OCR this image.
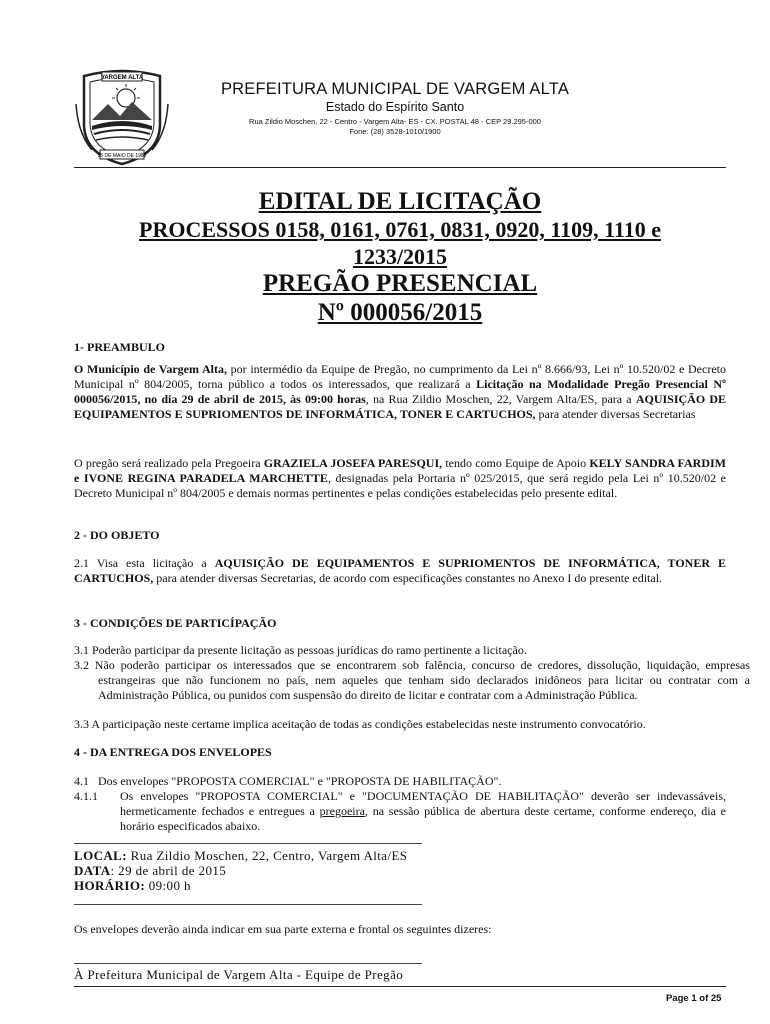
VARGEM ALTA
15 DE MAIO DE 1988
PREFEITURA MUNICIPAL DE VARGEM ALTA
Estado do Espírito Santo
Rua Zildio Moschen, 22 - Centro - Vargem Alta- ES - CX. POSTAL 48 - CEP 29.295-000
Fone: (28) 3528-1010/1900
EDITAL DE LICITAÇÃO
PROCESSOS 0158, 0161, 0761, 0831, 0920, 1109, 1110 e
1233/2015
PREGÃO PRESENCIAL
Nº 000056/2015
1- PREAMBULO
O Município de Vargem Alta, por intermédio da Equipe de Pregão, no cumprimento da Lei nº 8.666/93, Lei nº 10.520/02 e Decreto Municipal nº 804/2005, torna público a todos os interessados, que realizará a Licitação na Modalidade Pregão Presencial Nº 000056/2015, no dia 29 de abril de 2015, às 09:00 horas, na Rua Zildio Moschen, 22, Vargem Alta/ES, para a AQUISIÇÃO DE EQUIPAMENTOS E SUPRIOMENTOS DE INFORMÁTICA, TONER E CARTUCHOS, para atender diversas Secretarias
O pregão será realizado pela Pregoeira GRAZIELA JOSEFA PARESQUI, tendo como Equipe de Apoio KELY SANDRA FARDIM e IVONE REGINA PARADELA MARCHETTE, designadas pela Portaria nº 025/2015, que será regido pela Lei nº 10.520/02 e Decreto Municipal nº 804/2005 e demais normas pertinentes e pelas condições estabelecidas pelo presente edital.
2 - DO OBJETO
2.1 Visa esta licitação a AQUISIÇÃO DE EQUIPAMENTOS E SUPRIOMENTOS DE INFORMÁTICA, TONER E CARTUCHOS, para atender diversas Secretarias, de acordo com especificações constantes no Anexo I do presente edital.
3 - CONDIÇÕES DE PARTICÍPAÇÃO
3.1 Poderão participar da presente licitação as pessoas jurídicas do ramo pertinente a licitação.
3.2 Não poderão participar os interessados que se encontrarem sob falência, concurso de credores, dissolução, liquidação, empresas estrangeiras que não funcionem no país, nem aqueles que tenham sido declarados inidôneos para licitar ou contratar com a Administração Pública, ou punidos com suspensão do direito de licitar e contratar com a Administração Pública.
3.3 A participação neste certame implica aceitação de todas as condições estabelecidas neste instrumento convocatório.
4 - DA ENTREGA DOS ENVELOPES
4.1   Dos envelopes "PROPOSTA COMERCIAL" e "PROPOSTA DE HABILITAÇÃO".
4.1.1	Os envelopes "PROPOSTA COMERCIAL" e "DOCUMENTAÇÃO DE HABILITAÇÃO" deverão ser indevassáveis, hermeticamente fechados e entregues a pregoeira, na sessão pública de abertura deste certame, conforme endereço, dia e horário especificados abaixo.
LOCAL: Rua Zildio Moschen, 22, Centro, Vargem Alta/ES
DATA: 29 de abril de 2015
HORÁRIO: 09:00 h
Os envelopes deverão ainda indicar em sua parte externa e frontal os seguintes dizeres:
À Prefeitura Municipal de Vargem Alta - Equipe de Pregão
Page 1 of 25
